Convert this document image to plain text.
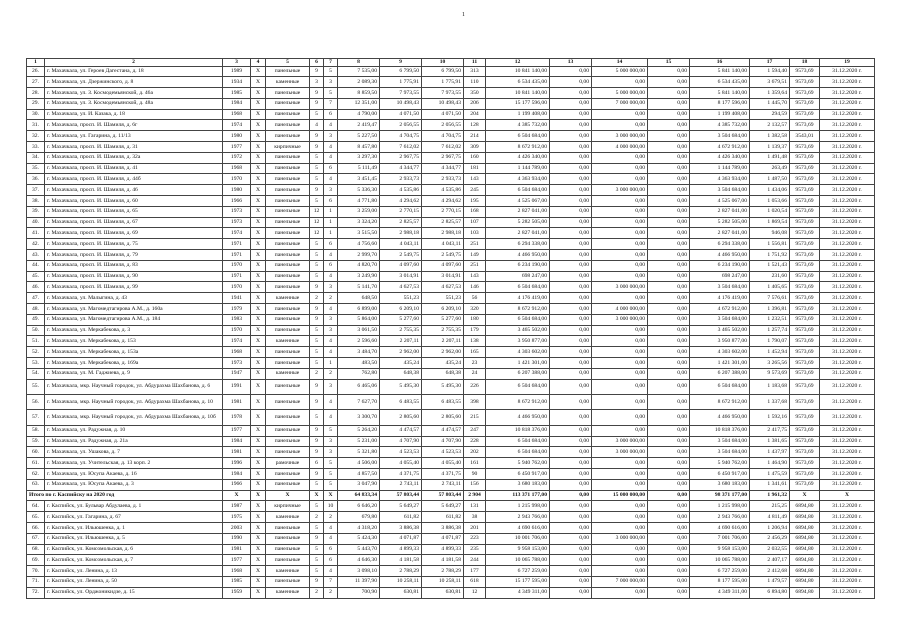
1
1	2	3	4	5	6	7	8	9	10	11	12	13	14	15	16	17	18	19
26.	г. Махачкала, ул. Героев Дагестана, д. 18	1989	Х	панельные	9	5	7 535,00	6 799,50	6 799,50	313	10 841 140,00	0,00	5 000 000,00	0,00	5 841 140,00	1 594,40	9573,69	31.12.2020 г.
27.	г. Махачкала, ул. Дзержинского, д. 8	1934	Х	каменные	3	3	2 089,30	1 775,91	1 775,91	110	6 534 435,00	0,00	0,00	0,00	6 534 435,00	3 679,51	9573,69	31.12.2020 г.
28.	г. Махачкала, ул. З. Космодемьянской, д. 46а	1985	Х	панельные	9	5	8 859,50	7 973,55	7 973,55	350	10 841 140,00	0,00	5 000 000,00	0,00	5 841 140,00	1 359,64	9573,69	31.12.2020 г.
29.	г. Махачкала, ул. З. Космодемьянской, д. 48а	1984	Х	панельные	9	7	12 351,00	10 498,43	10 498,43	206	15 177 596,00	0,00	7 000 000,00	0,00	8 177 596,00	1 445,70	9573,69	31.12.2020 г.
30.	г. Махачкала, ул. И. Казака, д. 18	1968	Х	панельные	5	6	4 790,00	4 071,50	4 071,50	204	1 199 408,00	0,00	0,00	0,00	1 199 408,00	294,59	9573,69	31.12.2020 г.
31.	г. Махачкала, просп. И. Шамиля, д. 6г	1974	Х	панельные	4	4	2 419,47	2 056,55	2 056,55	128	4 385 732,00	0,00	0,00	0,00	4 385 732,00	2 132,57	9573,69	31.12.2020 г.
32.	г. Махачкала, ул. Гагарина, д. 11/13	1980	Х	панельные	9	3	5 227,50	4 704,75	4 704,75	214	6 504 684,00	0,00	3 000 000,00	0,00	3 504 684,00	1 382,58	3543,01	31.12.2020 г.
33.	г. Махачкала, просп. И. Шамиля, д. 31	1977	Х	кирпичные	9	4	8 457,80	7 612,02	7 612,02	309	8 672 912,00	0,00	4 000 000,00	0,00	4 672 912,00	1 139,37	9573,69	31.12.2020 г.
34.	г. Махачкала, просп. И. Шамиля, д. 32а	1972	Х	панельные	5	4	3 297,30	2 967,75	2 967,75	160	4 426 340,00	0,00	0,00	0,00	4 426 340,00	1 491,48	9573,69	31.12.2020 г.
35.	г. Махачкала, просп. И. Шамиля, д. 41	1968	Х	панельные	5	6	5 111,49	4 344,77	4 344,77	181	1 144 789,00	0,00	0,00	0,00	1 144 789,00	263,49	9573,69	31.12.2020 г.
36.	г. Махачкала, просп. И. Шамиля, д. 44б	1970	Х	панельные	5	4	3 451,45	2 933,73	2 933,73	143	4 363 934,00	0,00	0,00	0,00	4 363 934,00	1 487,50	9573,69	31.12.2020 г.
37.	г. Махачкала, просп. И. Шамиля, д. 46	1980	Х	панельные	9	3	5 336,30	4 535,86	4 535,86	245	6 504 684,00	0,00	3 000 000,00	0,00	3 504 684,00	1 434,06	9573,69	31.12.2020 г.
38.	г. Махачкала, просп. И. Шамиля, д. 60	1966	Х	панельные	5	6	4 771,80	4 294,62	4 294,62	195	4 525 067,00	0,00	0,00	0,00	4 525 067,00	1 053,66	9573,69	31.12.2020 г.
39.	г. Махачкала, просп. И. Шамиля, д. 65	1973	Х	панельные	12	1	3 259,00	2 770,15	2 770,15	168	2 827 041,00	0,00	0,00	0,00	2 827 041,00	1 020,54	9573,69	31.12.2020 г.
40.	г. Махачкала, просп. И. Шамиля, д. 67	1973	Х	панельные	12	1	3 324,20	2 825,57	2 825,57	107	5 282 505,00	0,00	0,00	0,00	5 282 505,00	1 869,54	9573,69	31.12.2020 г.
41.	г. Махачкала, просп. И. Шамиля, д. 69	1974	Х	панельные	12	1	3 515,50	2 988,18	2 988,18	103	2 827 041,00	0,00	0,00	0,00	2 827 041,00	946,08	9573,69	31.12.2020 г.
42.	г. Махачкала, просп. И. Шамиля, д. 75	1971	Х	панельные	5	6	4 756,60	4 043,11	4 043,11	251	6 294 338,00	0,00	0,00	0,00	6 294 338,00	1 556,81	9573,69	31.12.2020 г.
43.	г. Махачкала, просп. И. Шамиля, д. 79	1971	Х	панельные	5	4	2 999,70	2 549,75	2 549,75	149	4 466 950,00	0,00	0,00	0,00	4 466 950,00	1 751,92	9573,69	31.12.2020 г.
44.	г. Махачкала, просп. И. Шамиля, д. 83	1970	Х	панельные	5	6	4 820,70	4 097,60	4 097,60	251	6 234 190,00	0,00	0,00	0,00	6 234 190,00	1 521,43	9573,69	31.12.2020 г.
45.	г. Махачкала, просп. И. Шамиля, д. 90	1971	Х	панельные	5	4	3 249,90	3 014,91	3 014,91	143	698 247,00	0,00	0,00	0,00	698 247,00	231,60	9573,69	31.12.2020 г.
46.	г. Махачкала, просп. И. Шамиля, д. 99	1970	Х	панельные	9	3	5 141,70	4 627,53	4 627,53	146	6 504 684,00	0,00	3 000 000,00	0,00	3 504 684,00	1 405,65	9573,69	31.12.2020 г.
47.	г. Махачкала, ул. Малыгина, д. 43	1941	Х	каменные	2	2	648,50	551,23	551,23	56	4 176 419,00	0,00	0,00	0,00	4 176 419,00	7 576,61	9573,69	31.12.2020 г.
48.	г. Махачкала, ул. Магомедтагирова А.М., д. 160а	1979	Х	панельные	9	4	6 899,00	6 209,10	6 209,10	320	8 672 912,00	0,00	4 000 000,00	0,00	4 672 912,00	1 396,81	9573,69	31.12.2020 г.
49.	г. Махачкала, ул. Магомедтагирова А.М., д. 184	1983	Х	панельные	9	3	5 864,00	5 277,60	5 277,60	180	6 504 684,00	0,00	3 000 000,00	0,00	3 504 684,00	1 232,51	9573,69	31.12.2020 г.
50.	г. Махачкала, ул. Меркабекова, д. 3	1970	Х	панельные	5	3	3 061,50	2 755,35	2 755,35	179	3 465 502,00	0,00	0,00	0,00	3 465 502,00	1 257,74	9573,69	31.12.2020 г.
51.	г. Махачкала, ул. Меркабекова, д. 153	1974	Х	каменные	5	4	2 596,60	2 207,11	2 207,11	138	3 950 877,00	0,00	0,00	0,00	3 950 877,00	1 790,07	9573,69	31.12.2020 г.
52.	г. Махачкала, ул. Меркабекова, д. 153а	1968	Х	панельные	5	4	3 484,70	2 962,00	2 962,00	165	4 303 602,00	0,00	0,00	0,00	4 303 602,00	1 452,94	9573,69	31.12.2020 г.
53.	г. Махачкала, ул. Меркабекова, д. 169а	1973	Х	панельные	5	1	483,50	435,24	435,24	23	1 421 301,00	0,00	0,00	0,00	1 421 301,00	3 265,56	9573,69	31.12.2020 г.
54.	г. Махачкала, ул. М. Гаджиева, д. 9	1947	Х	каменные	2	2	762,80	648,38	648,38	24	6 207 388,00	0,00	0,00	0,00	6 207 388,00	9 573,69	9573,69	31.12.2020 г.
55.	г. Махачкала, мкр. Научный городок, ул. Абдурахма Шахбанова, д. 6	1991	Х	панельные	9	3	6 465,06	5 495,30	5 495,30	226	6 504 684,00	0,00	0,00	0,00	6 504 684,00	1 183,68	9573,69	31.12.2020 г.
56.	г. Махачкала, мкр. Научный городок, ул. Абдурахма Шахбанова, д. 10	1981	Х	панельные	9	4	7 627,70	6 483,55	6 483,55	398	8 672 912,00	0,00	0,00	0,00	8 672 912,00	1 337,68	9573,69	31.12.2020 г.
57.	г. Махачкала, мкр. Научный городок, ул. Абдурахма Шахбанова, д. 10б	1978	Х	панельные	5	4	3 300,70	2 805,60	2 805,60	215	4 466 950,00	0,00	0,00	0,00	4 466 950,00	1 592,16	9573,69	31.12.2020 г.
58.	г. Махачкала, ул. Радужная, д. 10	1977	Х	панельные	9	5	5 264,20	4 474,57	4 474,57	247	10 818 376,00	0,00	0,00	0,00	10 818 376,00	2 417,75	9573,69	31.12.2020 г.
59.	г. Махачкала, ул. Радужная, д. 21а	1984	Х	панельные	9	3	5 231,00	4 707,90	4 707,90	228	6 504 684,00	0,00	3 000 000,00	0,00	3 504 684,00	1 381,65	9573,69	31.12.2020 г.
60.	г. Махачкала, ул. Ушакова, д. 7	1981	Х	панельные	9	3	5 321,80	4 523,53	4 523,53	202	6 504 684,00	0,00	3 000 000,00	0,00	3 504 684,00	1 437,97	9573,69	31.12.2020 г.
61.	г. Махачкала, ул. Учительская, д. 13 корп. 2	1996	Х	рамочные	6	5	4 506,00	4 055,40	4 055,40	161	5 940 762,00	0,00	0,00	0,00	5 940 762,00	1 464,90	9573,69	31.12.2020 г.
62.	г. Махачкала, ул. Юсупа Акаева, д. 16	1984	Х	панельные	9	5	4 857,50	4 371,75	4 371,75	90	6 450 917,00	0,00	0,00	0,00	6 450 917,00	1 475,59	9573,69	31.12.2020 г.
63.	г. Махачкала, ул. Юсупа Акаева, д. 3	1966	Х	панельные	5	5	3 047,90	2 743,11	2 743,11	156	3 680 183,00	0,00	0,00	0,00	3 680 183,00	1 341,61	9573,69	31.12.2020 г.
Итого по г. Каспийску на 2020 год		Х	Х	Х	Х	Х	64 833,34	57 803,44	57 803,44	2 904	113 371 177,00	0,00	15 000 000,00	0,00	98 371 177,00	1 961,32	Х	Х
64.	г. Каспийск, ул. Бульвар Абдулаева, д. 1	1987	Х	кирпичные	5	10	6 646,20	5 649,27	5 649,27	131	1 215 998,00	0,00	0,00	0,00	1 215 998,00	215,25	6894,80	31.12.2020 г.
65.	г. Каспийск, ул. Гагарина, д. 67	1975	Х	каменные	2	2	679,80	611,82	611,82	38	2 943 766,00	0,00	0,00	0,00	2 943 766,00	4 811,49	6894,80	31.12.2020 г.
66.	г. Каспийск, ул. Ильюшенка, д. 1	2003	Х	панельные	5	4	4 318,20	3 886,38	3 886,38	201	4 690 616,00	0,00	0,00	0,00	4 690 616,00	1 206,94	6894,80	31.12.2020 г.
67.	г. Каспийск, ул. Ильюшенка, д. 5	1990	Х	панельные	9	4	5 424,30	4 071,87	4 071,87	223	10 001 706,00	0,00	3 000 000,00	0,00	7 001 706,00	2 456,29	6894,80	31.12.2020 г.
68.	г. Каспийск, ул. Комсомольская, д. 6	1981	Х	панельные	5	6	5 443,70	4 899,33	4 899,33	235	9 958 153,00	0,00	0,00	0,00	9 958 153,00	2 032,55	6894,80	31.12.2020 г.
69.	г. Каспийск, ул. Комсомольская, д. 7	1977	Х	панельные	5	6	4 646,30	4 181,58	4 181,58	244	10 065 788,00	0,00	0,00	0,00	10 065 788,00	2 407,17	6894,80	31.12.2020 г.
70.	г. Каспийск, ул. Ленина, д. 13	1968	Х	каменные	5	4	3 098,10	2 788,29	2 788,29	177	6 727 259,00	0,00	0,00	0,00	6 727 259,00	2 412,68	6894,80	31.12.2020 г.
71.	г. Каспийск, ул. Ленина, д. 50	1985	Х	панельные	9	7	11 397,90	10 258,11	10 258,11	618	15 177 595,00	0,00	7 000 000,00	0,00	8 177 595,00	1 479,57	6894,80	31.12.2020 г.
72.	г. Каспийск, ул. Орджоникидзе, д. 15	1959	Х	каменные	2	2	700,90	630,81	630,81	12	4 349 311,00	0,00	0,00	0,00	4 349 311,00	6 894,80	6894,80	31.12.2020 г.
